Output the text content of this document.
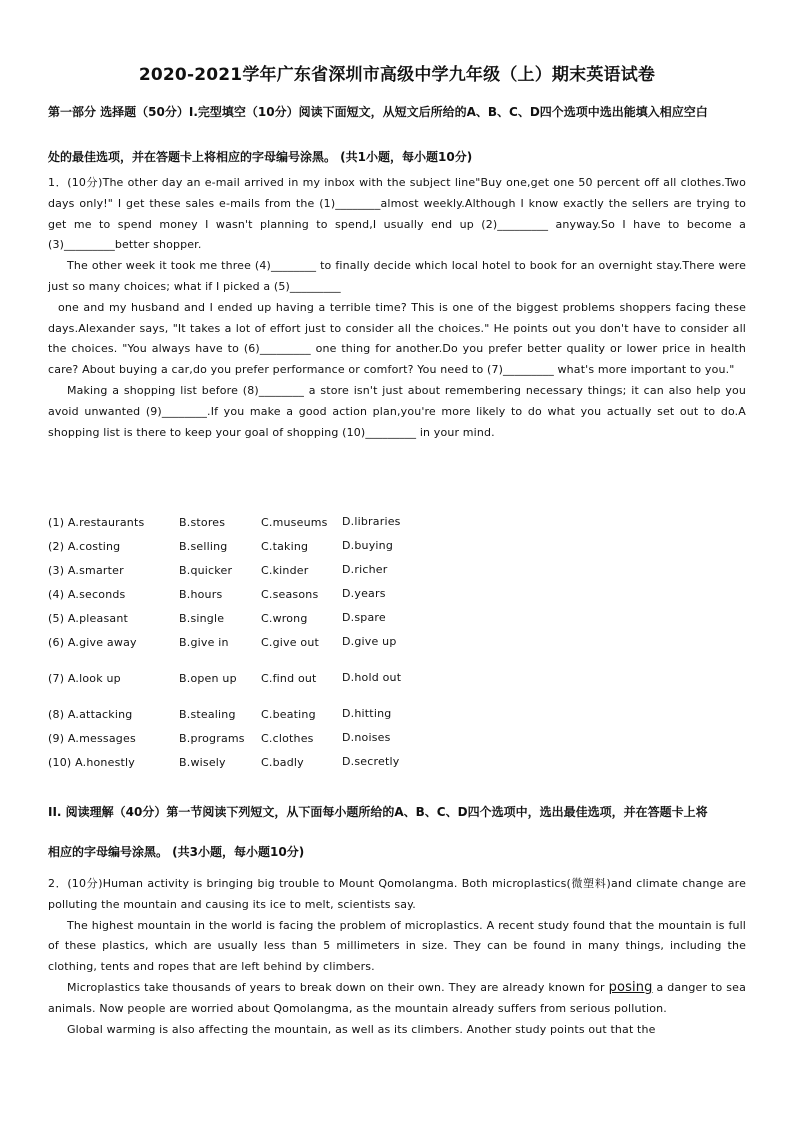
2020-2021学年广东省深圳市高级中学九年级（上）期末英语试卷
第一部分 选择题（50分）I.完型填空（10分）阅读下面短文，从短文后所给的A、B、C、D四个选项中选出能填入相应空白
处的最佳选项，并在答题卡上将相应的字母编号涂黑。 (共1小题，每小题10分)

1．(10分)The other day an e-mail arrived in my inbox with the subject line"Buy one,get one 50 percent off all clothes.Two days only!" I get these sales e-mails from the (1)________almost weekly.Although I know exactly the sellers are trying to get me to spend money I wasn't planning to spend,I usually end up (2)_________ anyway.So I have to become a (3)_________better shopper.

The other week it took me three (4)________ to finally decide which local hotel to book for an overnight stay.There were just so many choices; what if I picked a (5)_________

one and my husband and I ended up having a terrible time? This is one of the biggest problems shoppers facing these days.Alexander says, "It takes a lot of effort just to consider all the choices." He points out you don't have to consider all the choices. "You always have to (6)_________ one thing for another.Do you prefer better quality or lower price in health care? About buying a car,do you prefer performance or comfort? You need to (7)_________ what's more important to you."

Making a shopping list before (8)________ a store isn't just about remembering necessary things; it can also help you avoid unwanted (9)________.If you make a good action plan,you're more likely to do what you actually set out to do.A shopping list is there to keep your goal of shopping (10)_________ in your mind.

(1) A.restaurants	B.stores	C.museums	D.libraries
(2) A.costing	B.selling	C.taking	D.buying
(3) A.smarter	B.quicker	C.kinder	D.richer
(4) A.seconds	B.hours	C.seasons	D.years
(5) A.pleasant	B.single	C.wrong	D.spare
(6) A.give away	B.give in	C.give out	D.give up
(7) A.look up	B.open up	C.find out	D.hold out
(8) A.attacking	B.stealing	C.beating	D.hitting
(9) A.messages	B.programs	C.clothes	D.noises
(10) A.honestly	B.wisely	C.badly	D.secretly
II. 阅读理解（40分）第一节阅读下列短文，从下面每小题所给的A、B、C、D四个选项中，选出最佳选项，并在答题卡上将
相应的字母编号涂黑。 (共3小题，每小题10分)

2．(10分)Human activity is bringing big trouble to Mount Qomolangma. Both microplastics(微塑料)and climate change are polluting the mountain and causing its ice to melt, scientists say.

The highest mountain in the world is facing the problem of microplastics. A recent study found that the mountain is full of these plastics, which are usually less than 5 millimeters in size. They can be found in many things, including the clothing, tents and ropes that are left behind by climbers.

Microplastics take thousands of years to break down on their own. They are already known for posing a danger to sea animals. Now people are worried about Qomolangma, as the mountain already suffers from serious pollution.

Global warming is also affecting the mountain, as well as its climbers. Another study points out that the
